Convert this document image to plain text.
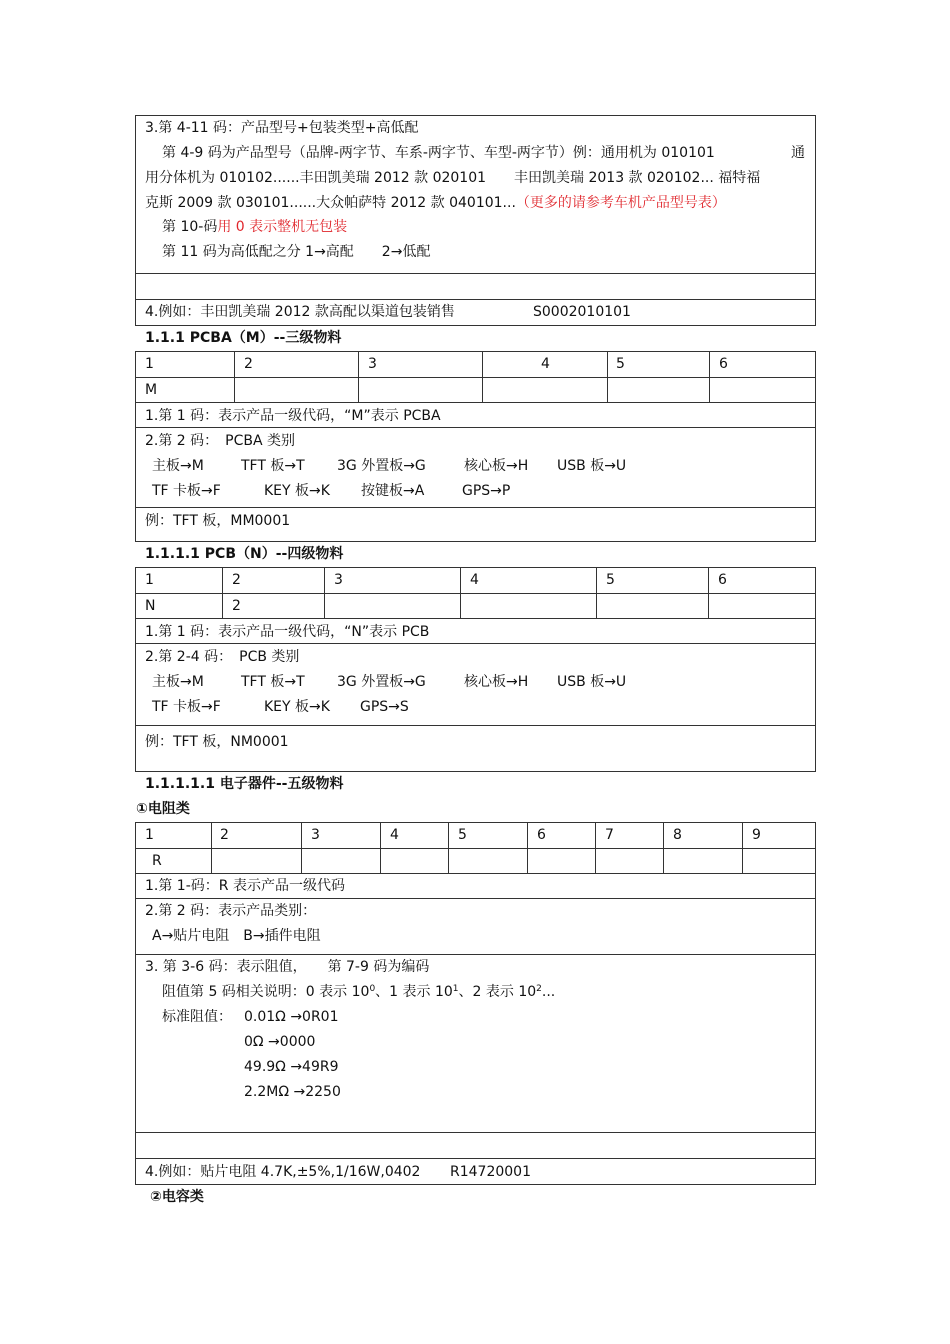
3.第 4-11 码：产品型号+包装类型+高低配
第 4-9 码为产品型号（品牌-两字节、车系-两字节、车型-两字节）例：通用机为 010101	通
用分体机为 010102......丰田凯美瑞 2012 款 020101　　丰田凯美瑞 2013 款 020102... 福特福
克斯 2009 款 030101......大众帕萨特 2012 款 040101...（更多的请参考车机产品型号表）
第 10-码用 0 表示整机无包装
第 11 码为高低配之分 1→高配　　2→低配
4.例如：丰田凯美瑞 2012 款高配以渠道包装销售	S0002010101
1.1.1 PCBA（M）--三级物料
1	2	3	4	5	6
M
1.第 1 码：表示产品一级代码，“M”表示 PCBA
2.第 2 码：　PCBA 类别
主板→M	TFT 板→T 3G 外置板→G	核心板→H USB 板→U
TF 卡板→F	KEY 板→K 按键板→A	GPS→P
例：TFT 板，MM0001
1.1.1.1 PCB（N）--四级物料
1	2	3	4	5	6
N	2
1.第 1 码：表示产品一级代码，“N”表示 PCB
2.第 2-4 码：　PCB 类别
主板→M	TFT 板→T 3G 外置板→G	核心板→H USB 板→U
TF 卡板→F	KEY 板→K GPS→S
例：TFT 板，NM0001
1.1.1.1.1 电子器件--五级物料
①电阻类
1	2	3	4	5	6	7	8	9
R
1.第 1-码：R 表示产品一级代码
2.第 2 码：表示产品类别：
A→贴片电阻　B→插件电阻
3. 第 3-6 码：表示阻值，　　第 7-9 码为编码
阻值第 5 码相关说明：0 表示 $10^0$、1 表示 $10^1$、2 表示 $10^2$...
标准阻值： 0.01Ω →0R01
0Ω →0000
49.9Ω →49R9
2.2MΩ →2250
4.例如：贴片电阻 4.7K,±5%,1/16W,0402 R14720001
②电容类
